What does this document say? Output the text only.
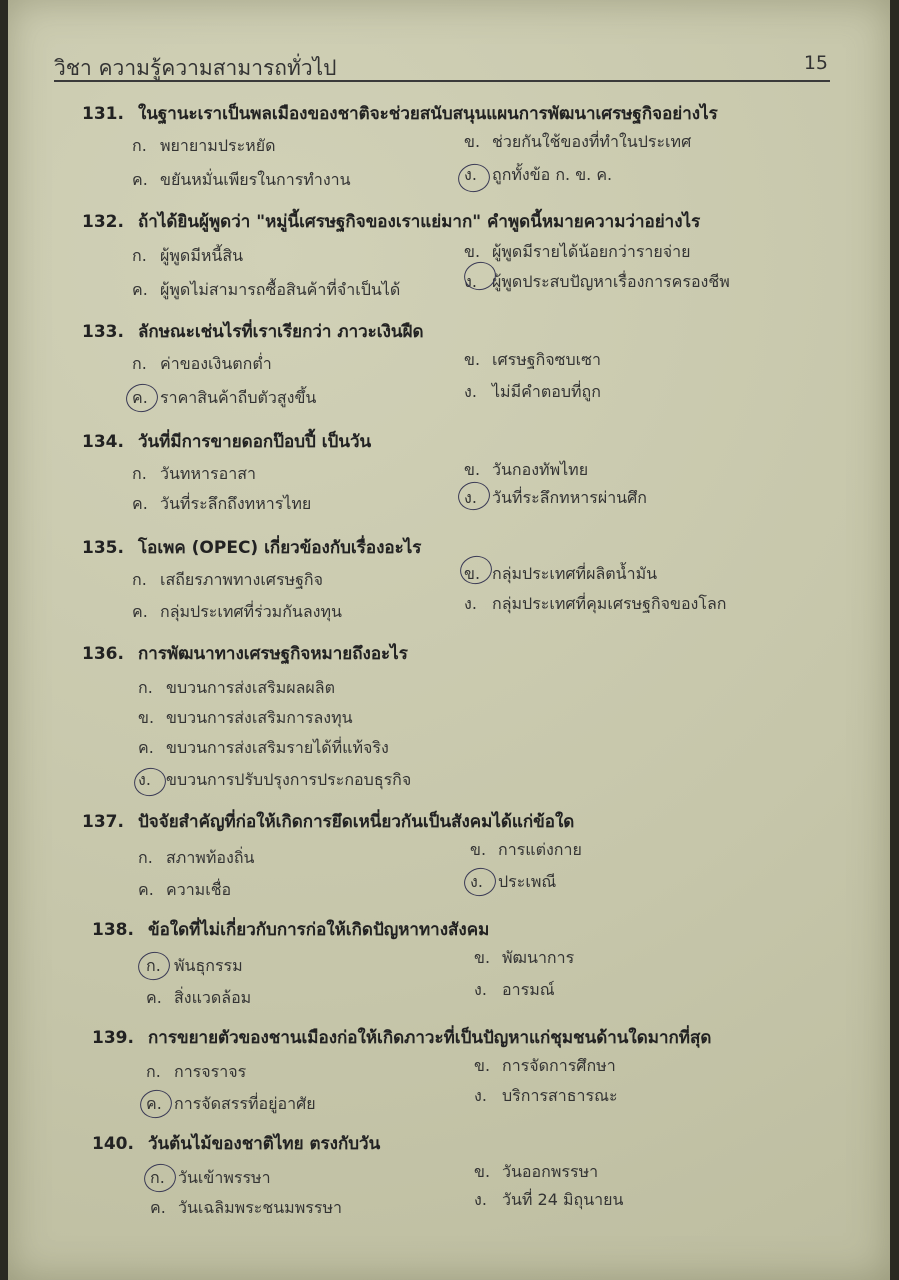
วิชา ความรู้ความสามารถทั่วไป	15
131. ในฐานะเราเป็นพลเมืองของชาติจะช่วยสนับสนุนแผนการพัฒนาเศรษฐกิจอย่างไร
ก. พยายามประหยัด	ข. ช่วยกันใช้ของที่ทำในประเทศ
ค. ขยันหมั่นเพียรในการทำงาน	ง. ถูกทั้งข้อ ก. ข. ค.
132. ถ้าได้ยินผู้พูดว่า "หมู่นี้เศรษฐกิจของเราแย่มาก" คำพูดนี้หมายความว่าอย่างไร
ก. ผู้พูดมีหนี้สิน	ข. ผู้พูดมีรายได้น้อยกว่ารายจ่าย
ค. ผู้พูดไม่สามารถซื้อสินค้าที่จำเป็นได้	ง. ผู้พูดประสบปัญหาเรื่องการครองชีพ
133. ลักษณะเช่นไรที่เราเรียกว่า ภาวะเงินฝืด
ก. ค่าของเงินตกต่ำ	ข. เศรษฐกิจซบเซา
ค. ราคาสินค้าถีบตัวสูงขึ้น	ง. ไม่มีคำตอบที่ถูก
134. วันที่มีการขายดอกป๊อบปี้ เป็นวัน
ก. วันทหารอาสา	ข. วันกองทัพไทย
ค. วันที่ระลึกถึงทหารไทย	ง. วันที่ระลึกทหารผ่านศึก
135. โอเพค (OPEC) เกี่ยวข้องกับเรื่องอะไร
ก. เสถียรภาพทางเศรษฐกิจ	ข. กลุ่มประเทศที่ผลิตน้ำมัน
ค. กลุ่มประเทศที่ร่วมกันลงทุน	ง. กลุ่มประเทศที่คุมเศรษฐกิจของโลก
136. การพัฒนาทางเศรษฐกิจหมายถึงอะไร
ก. ขบวนการส่งเสริมผลผลิต
ข. ขบวนการส่งเสริมการลงทุน
ค. ขบวนการส่งเสริมรายได้ที่แท้จริง
ง. ขบวนการปรับปรุงการประกอบธุรกิจ
137. ปัจจัยสำคัญที่ก่อให้เกิดการยึดเหนี่ยวกันเป็นสังคมได้แก่ข้อใด
ก. สภาพท้องถิ่น	ข. การแต่งกาย
ค. ความเชื่อ	ง. ประเพณี
138. ข้อใดที่ไม่เกี่ยวกับการก่อให้เกิดปัญหาทางสังคม
ก. พันธุกรรม	ข. พัฒนาการ
ค. สิ่งแวดล้อม	ง. อารมณ์
139. การขยายตัวของชานเมืองก่อให้เกิดภาวะที่เป็นปัญหาแก่ชุมชนด้านใดมากที่สุด
ก. การจราจร	ข. การจัดการศึกษา
ค. การจัดสรรที่อยู่อาศัย	ง. บริการสาธารณะ
140. วันต้นไม้ของชาติไทย ตรงกับวัน
ก. วันเข้าพรรษา	ข. วันออกพรรษา
ค. วันเฉลิมพระชนมพรรษา	ง. วันที่ 24 มิถุนายน
